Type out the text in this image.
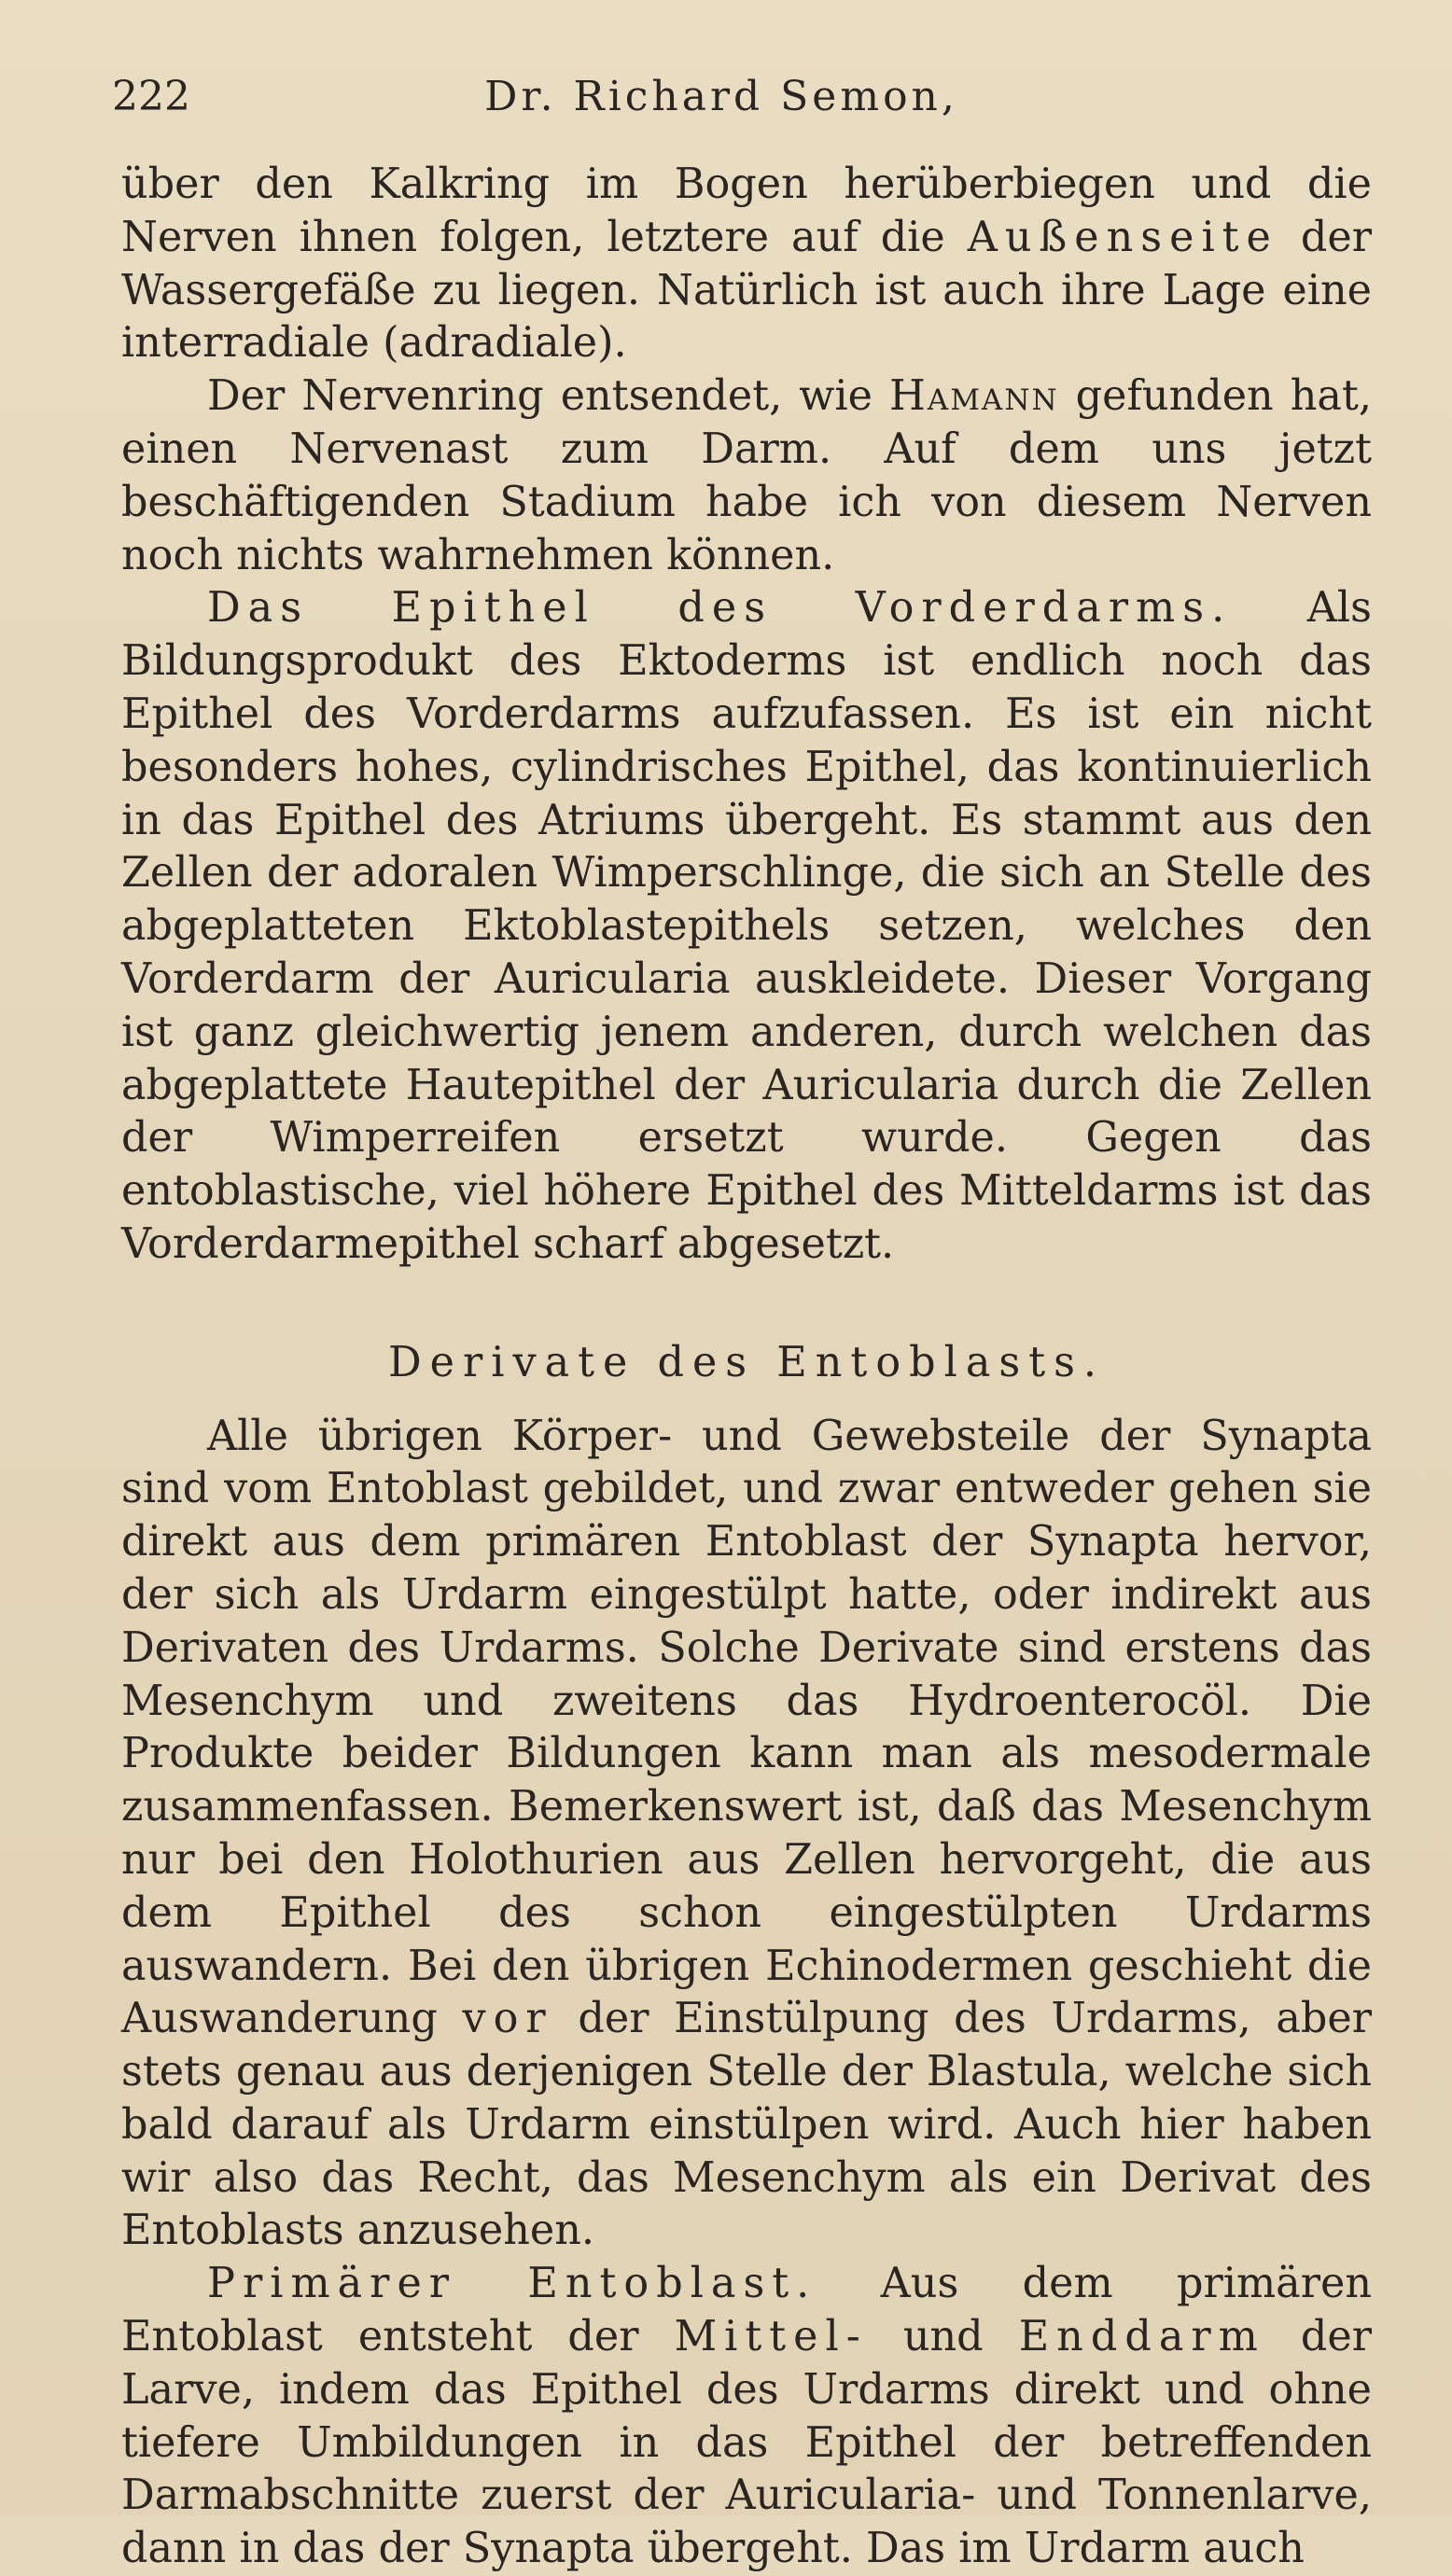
222	Dr. Richard Semon,

über den Kalkring im Bogen herüberbiegen und die Nerven ihnen folgen, letztere auf die Außenseite der Wassergefäße zu liegen. Natürlich ist auch ihre Lage eine interradiale (adradiale).

Der Nervenring entsendet, wie Hamann gefunden hat, einen Nervenast zum Darm. Auf dem uns jetzt beschäftigenden Stadium habe ich von diesem Nerven noch nichts wahrnehmen können.

Das Epithel des Vorderdarms. Als Bildungsprodukt des Ektoderms ist endlich noch das Epithel des Vorderdarms aufzufassen. Es ist ein nicht besonders hohes, cylindrisches Epithel, das kontinuierlich in das Epithel des Atriums übergeht. Es stammt aus den Zellen der adoralen Wimperschlinge, die sich an Stelle des abgeplatteten Ektoblastepithels setzen, welches den Vorderdarm der Auricularia auskleidete. Dieser Vorgang ist ganz gleichwertig jenem anderen, durch welchen das abgeplattete Hautepithel der Auricularia durch die Zellen der Wimperreifen ersetzt wurde. Gegen das entoblastische, viel höhere Epithel des Mitteldarms ist das Vorderdarmepithel scharf abgesetzt.

Derivate des Entoblasts.

Alle übrigen Körper- und Gewebsteile der Synapta sind vom Entoblast gebildet, und zwar entweder gehen sie direkt aus dem primären Entoblast der Synapta hervor, der sich als Urdarm eingestülpt hatte, oder indirekt aus Derivaten des Urdarms. Solche Derivate sind erstens das Mesenchym und zweitens das Hydroenterocöl. Die Produkte beider Bildungen kann man als mesodermale zusammenfassen. Bemerkenswert ist, daß das Mesenchym nur bei den Holothurien aus Zellen hervorgeht, die aus dem Epithel des schon eingestülpten Urdarms auswandern. Bei den übrigen Echinodermen geschieht die Auswanderung vor der Einstülpung des Urdarms, aber stets genau aus derjenigen Stelle der Blastula, welche sich bald darauf als Urdarm einstülpen wird. Auch hier haben wir also das Recht, das Mesenchym als ein Derivat des Entoblasts anzusehen.

Primärer Entoblast. Aus dem primären Entoblast entsteht der Mittel- und Enddarm der Larve, indem das Epithel des Urdarms direkt und ohne tiefere Umbildungen in das Epithel der betreffenden Darmabschnitte zuerst der Auricularia- und Tonnenlarve, dann in das der Synapta übergeht. Das im Urdarm auch
